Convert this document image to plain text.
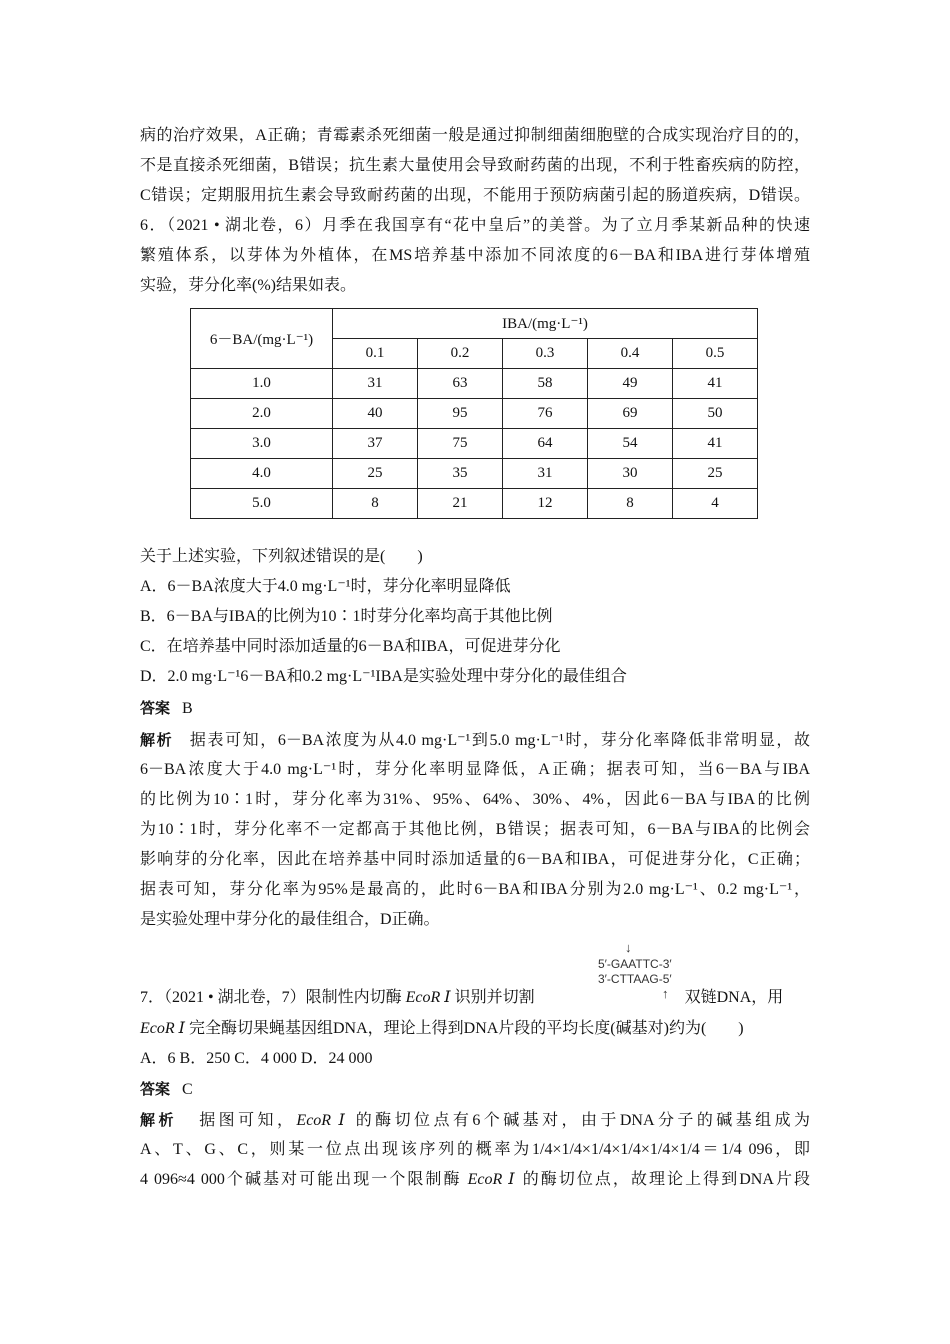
病的治疗效果，A正确；青霉素杀死细菌一般是通过抑制细菌细胞壁的合成实现治疗目的的，
不是直接杀死细菌，B错误；抗生素大量使用会导致耐药菌的出现，不利于牲畜疾病的防控，
C错误；定期服用抗生素会导致耐药菌的出现，不能用于预防病菌引起的肠道疾病，D错误。
6．（2021 • 湖北卷，6）月季在我国享有“花中皇后”的美誉。为了立月季某新品种的快速
繁殖体系，以芽体为外植体，在MS培养基中添加不同浓度的6－BA和IBA进行芽体增殖
实验，芽分化率(%)结果如表。
6－BA/(mg·L⁻¹)	IBA/(mg·L⁻¹)				
	0.1	0.2	0.3	0.4	0.5
1.0	31	63	58	49	41
2.0	40	95	76	69	50
3.0	37	75	64	54	41
4.0	25	35	31	30	25
5.0	8	21	12	8	4
关于上述实验，下列叙述错误的是(　　)
A．6－BA浓度大于4.0 mg·L⁻¹时，芽分化率明显降低
B．6－BA与IBA的比例为10∶1时芽分化率均高于其他比例
C．在培养基中同时添加适量的6－BA和IBA，可促进芽分化
D．2.0 mg·L⁻¹6－BA和0.2 mg·L⁻¹IBA是实验处理中芽分化的最佳组合
答案 B
解析 据表可知，6－BA浓度为从4.0 mg·L⁻¹到5.0 mg·L⁻¹时，芽分化率降低非常明显，故
6－BA浓度大于4.0 mg·L⁻¹时，芽分化率明显降低，A正确；据表可知，当6－BA与IBA
的比例为10∶1时，芽分化率为31%、95%、64%、30%、4%，因此6－BA与IBA的比例
为10∶1时，芽分化率不一定都高于其他比例，B错误；据表可知，6－BA与IBA的比例会
影响芽的分化率，因此在培养基中同时添加适量的6－BA和IBA，可促进芽分化，C正确；
据表可知，芽分化率为95%是最高的，此时6－BA和IBA分别为2.0 mg·L⁻¹、0.2 mg·L⁻¹，
是实验处理中芽分化的最佳组合，D正确。
↓
5′-GAATTC-3′
3′-CTTAAG-5′
↑
7．（2021 • 湖北卷，7）限制性内切酶 EcoR Ⅰ 识别并切割	双链DNA，用
EcoR Ⅰ 完全酶切果蝇基因组DNA，理论上得到DNA片段的平均长度(碱基对)约为(　　)
A．6 B．250 C．4 000 D．24 000
答案 C
解析 据图可知，EcoR Ⅰ 的酶切位点有6个碱基对，由于DNA分子的碱基组成为
A、T、G、C，则某一位点出现该序列的概率为1/4×1/4×1/4×1/4×1/4×1/4＝1/4 096，即
4 096≈4 000个碱基对可能出现一个限制酶 EcoR Ⅰ 的酶切位点，故理论上得到DNA片段
